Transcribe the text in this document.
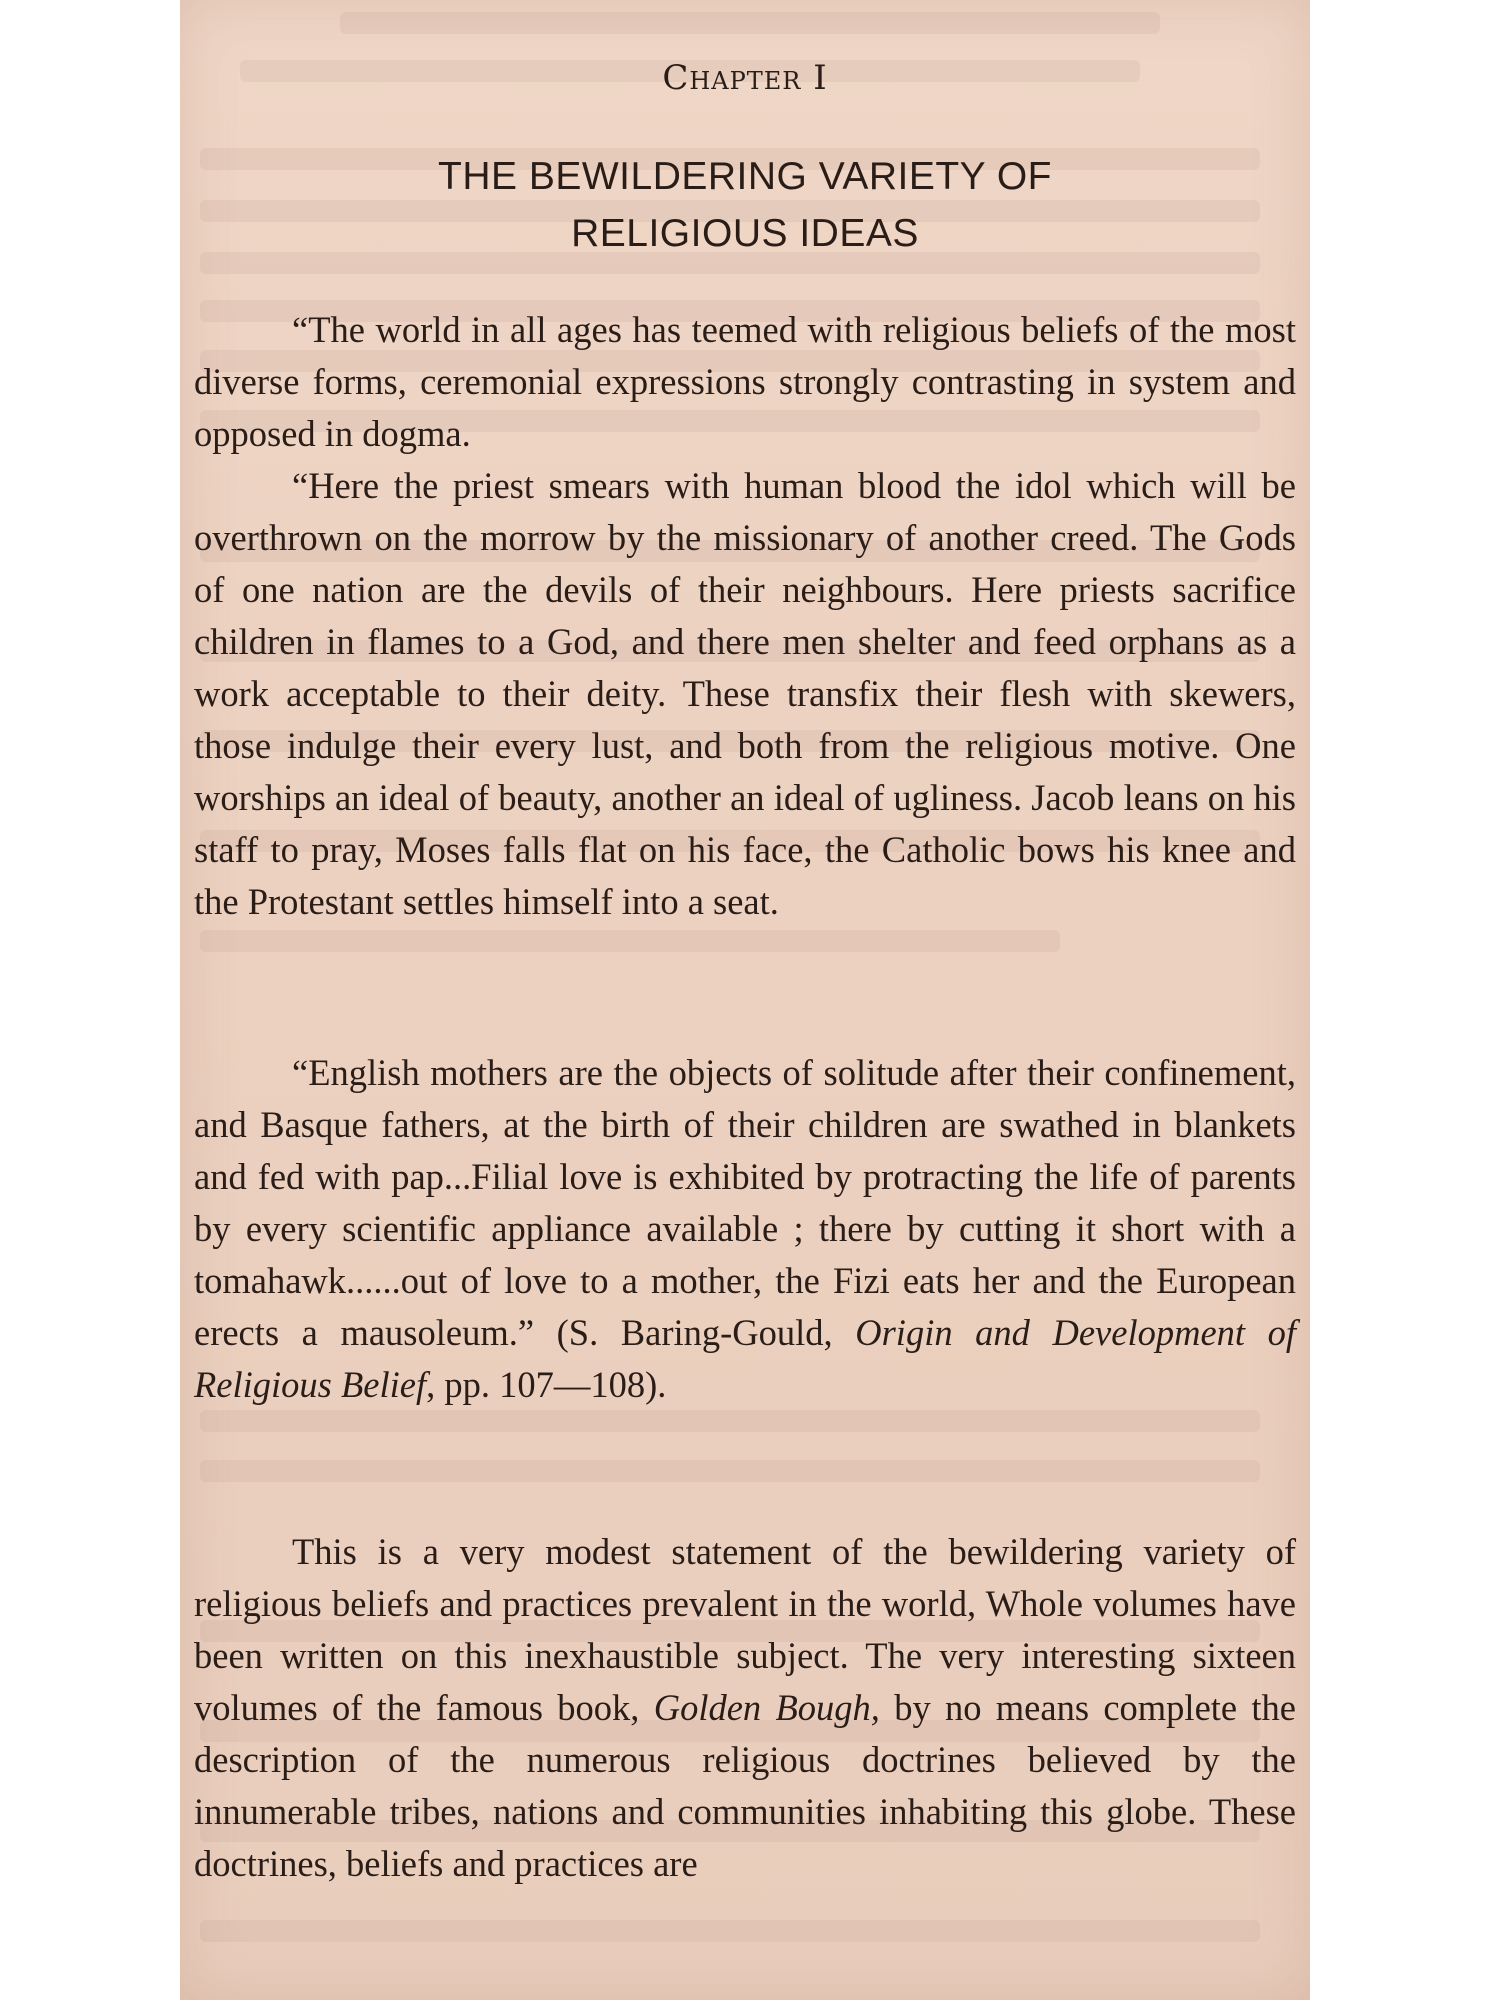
Chapter I
THE BEWILDERING VARIETY OF
RELIGIOUS IDEAS

“The world in all ages has teemed with religious beliefs of the most diverse forms, ceremonial expressions strongly contrasting in system and opposed in dogma.

“Here the priest smears with human blood the idol which will be overthrown on the morrow by the missionary of another creed. The Gods of one nation are the devils of their neighbours. Here priests sacrifice children in flames to a God, and there men shelter and feed orphans as a work acceptable to their deity. These transfix their flesh with skewers, those indulge their every lust, and both from the religious motive. One worships an ideal of beauty, another an ideal of ugliness. Jacob leans on his staff to pray, Moses falls flat on his face, the Catholic bows his knee and the Protestant settles himself into a seat.

“English mothers are the objects of solitude after their confinement, and Basque fathers, at the birth of their children are swathed in blankets and fed with pap...Filial love is exhibited by protracting the life of parents by every scientific appliance available ; there by cutting it short with a tomahawk......out of love to a mother, the Fizi eats her and the European erects a mausoleum.” (S. Baring-Gould, Origin and Development of Religious Belief, pp. 107—108).

This is a very modest statement of the bewildering variety of religious beliefs and practices prevalent in the world, Whole volumes have been written on this inexhaustible subject. The very interesting sixteen volumes of the famous book, Golden Bough, by no means complete the description of the numerous religious doctrines believed by the innumerable tribes, nations and communities inhabiting this globe. These doctrines, beliefs and practices are
